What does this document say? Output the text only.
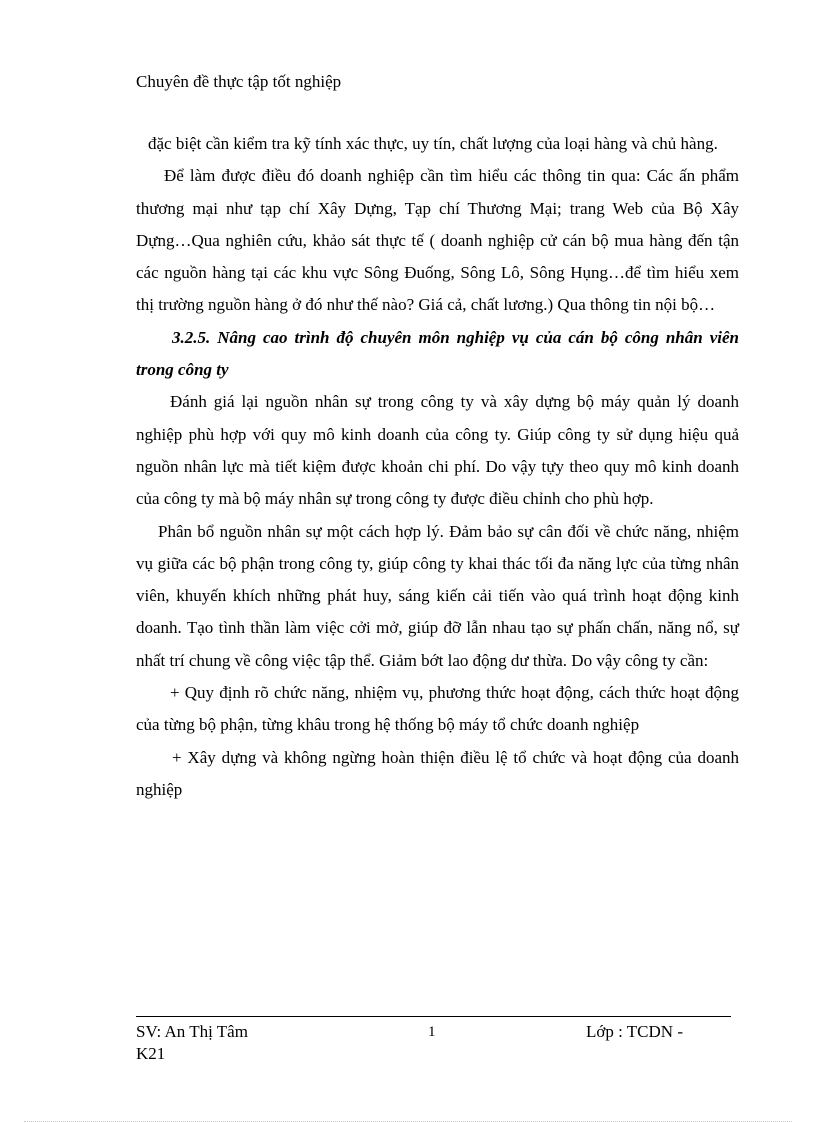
Chuyên đề thực tập tốt nghiệp

đặc biệt cần kiểm tra kỹ tính xác thực, uy tín, chất lượng của loại hàng và chủ hàng.

Để làm được điều đó doanh nghiệp cần tìm hiểu các thông tin qua: Các ấn phẩm thương mại như tạp chí Xây Dựng, Tạp chí Thương Mại; trang Web của Bộ Xây Dựng…Qua nghiên cứu, khảo sát thực tế ( doanh nghiệp cử cán bộ mua hàng đến tận các nguồn hàng tại các khu vực Sông Đuống, Sông Lô, Sông Hụng…để tìm hiểu xem thị trường nguồn hàng ở đó như thế nào? Giá cả, chất lương.) Qua thông tin nội bộ…

3.2.5. Nâng cao trình độ chuyên môn nghiệp vụ của cán bộ công nhân viên trong công ty

Đánh giá lại nguồn nhân sự trong công ty và xây dựng bộ máy quản lý doanh nghiệp phù hợp với quy mô kinh doanh của công ty. Giúp công ty sử dụng hiệu quả nguồn nhân lực mà tiết kiệm được khoản chi phí. Do vậy tựy theo quy mô kinh doanh của công ty mà bộ máy nhân sự trong công ty được điều chỉnh cho phù hợp.

Phân bổ nguồn nhân sự một cách hợp lý. Đảm bảo sự cân đối về chức năng, nhiệm vụ giữa các bộ phận trong công ty, giúp công ty khai thác tối đa năng lực của từng nhân viên, khuyến khích những phát huy, sáng kiến cải tiến vào quá trình hoạt động kinh doanh. Tạo tình thần làm việc cởi mở, giúp đỡ lẫn nhau tạo sự phấn chấn, năng nổ, sự nhất trí chung về công việc tập thể. Giảm bớt lao động dư thừa. Do vậy công ty cần:

+ Quy định rõ chức năng, nhiệm vụ, phương thức hoạt động, cách thức hoạt động của từng bộ phận, từng khâu trong hệ thống bộ máy tổ chức doanh nghiệp

+ Xây dựng và không ngừng hoàn thiện điều lệ tổ chức và hoạt động của doanh nghiệp

SV: An Thị Tâm K21
1	Lớp : TCDN -
